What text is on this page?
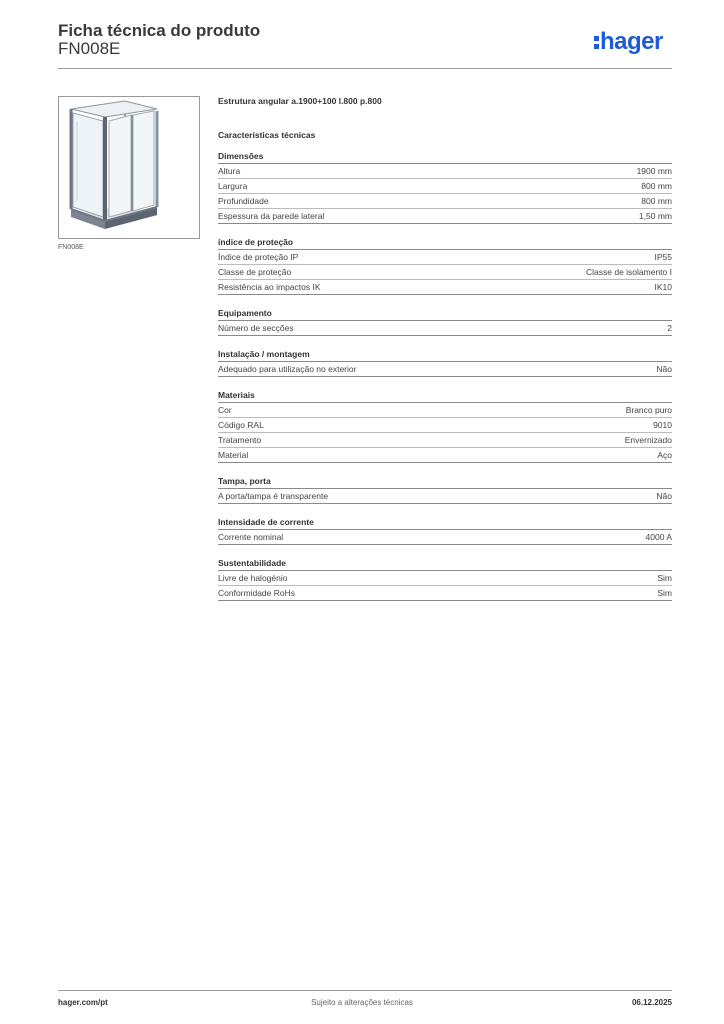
Ficha técnica do produto
FN008E	hager
FN008E
Estrutura angular a.1900+100 l.800 p.800
Características técnicas
Dimensões
Altura	1900 mm
Largura	800 mm
Profundidade	800 mm
Espessura da parede lateral	1,50 mm
índice de proteção
Índice de proteção IP	IP55
Classe de proteção	Classe de isolamento I
Resistência ao impactos IK	IK10
Equipamento
Número de secções	2
Instalação / montagem
Adequado para utilização no exterior	Não
Materiais
Cor	Branco puro
Código RAL	9010
Tratamento	Envernizado
Material	Aço
Tampa, porta
A porta/tampa é transparente	Não
Intensidade de corrente
Corrente nominal	4000 A
Sustentabilidade
Livre de halogénio	Sim
Conformidade RoHs	Sim
hager.com/pt	Sujeito a alterações técnicas	06.12.2025
